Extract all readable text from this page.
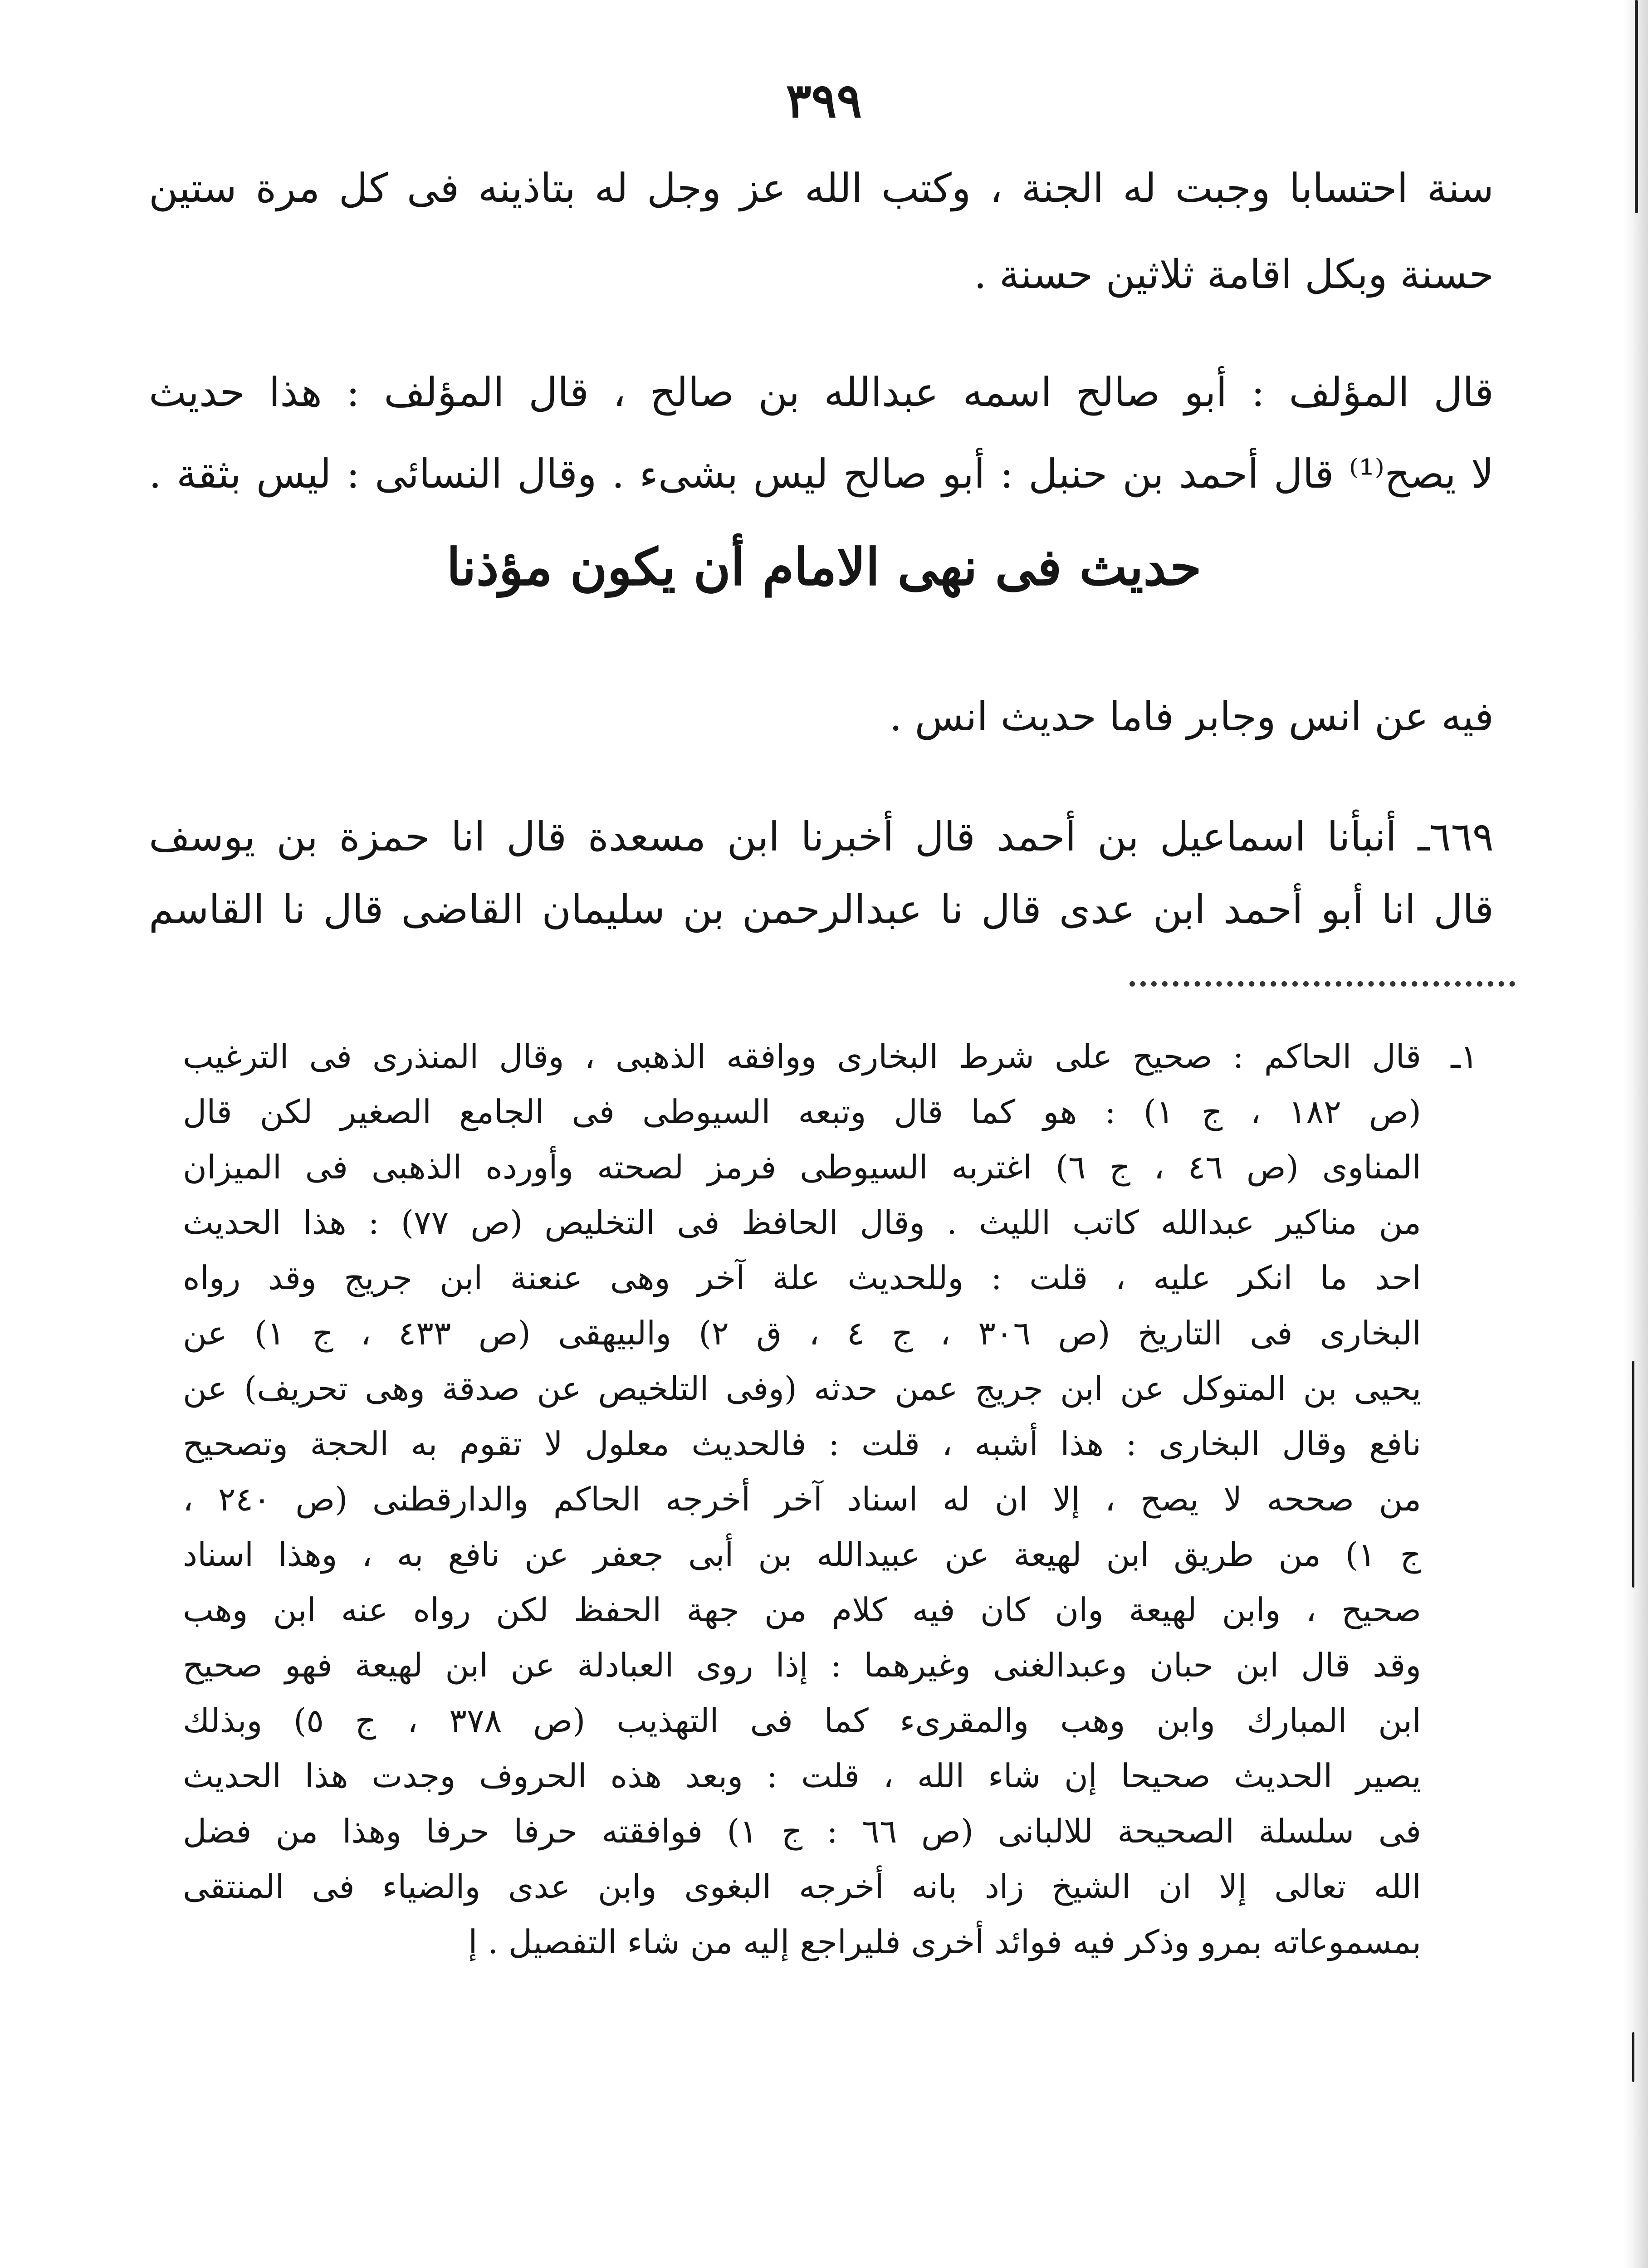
٣٩٩

سنة احتسابا وجبت له الجنة ، وكتب الله عز وجل له بتاذينه فى كل مرة ستين

حسنة وبكل اقامة ثلاثين حسنة .

قال المؤلف : أبو صالح اسمه عبدالله بن صالح ، قال المؤلف : هذا حديث

لا يصح⁽¹⁾ قال أحمد بن حنبل : أبو صالح ليس بشىء . وقال النسائى : ليس بثقة .

حديث فى نهى الامام أن يكون مؤذنا

فيه عن انس وجابر فاما حديث انس .

٦٦٩ـ أنبأنا اسماعيل بن أحمد قال أخبرنا ابن مسعدة قال انا حمزة بن يوسف

قال انا أبو أحمد ابن عدى قال نا عبدالرحمن بن سليمان القاضى قال نا القاسم

١ـ

قال الحاكم : صحيح على شرط البخارى ووافقه الذهبى ، وقال المنذرى فى الترغيب

(ص ١٨٢ ، ج ١) : هو كما قال وتبعه السيوطى فى الجامع الصغير لكن قال

المناوى (ص ٤٦ ، ج ٦) اغتربه السيوطى فرمز لصحته وأورده الذهبى فى الميزان

من مناكير عبدالله كاتب الليث . وقال الحافظ فى التخليص (ص ٧٧) : هذا الحديث

احد ما انكر عليه ، قلت : وللحديث علة آخر وهى عنعنة ابن جريج وقد رواه

البخارى فى التاريخ (ص ٣٠٦ ، ج ٤ ، ق ٢) والبيهقى (ص ٤٣٣ ، ج ١) عن

يحيى بن المتوكل عن ابن جريج عمن حدثه (وفى التلخيص عن صدقة وهى تحريف) عن

نافع وقال البخارى : هذا أشبه ، قلت : فالحديث معلول لا تقوم به الحجة وتصحيح

من صححه لا يصح ، إلا ان له اسناد آخر أخرجه الحاكم والدارقطنى (ص ٢٤٠ ،

ج ١) من طريق ابن لهيعة عن عبيدالله بن أبى جعفر عن نافع به ، وهذا اسناد

صحيح ، وابن لهيعة وان كان فيه كلام من جهة الحفظ لكن رواه عنه ابن وهب

وقد قال ابن حبان وعبدالغنى وغيرهما : إذا روى العبادلة عن ابن لهيعة فهو صحيح

ابن المبارك وابن وهب والمقرىء كما فى التهذيب (ص ٣٧٨ ، ج ٥) وبذلك

يصير الحديث صحيحا إن شاء الله ، قلت : وبعد هذه الحروف وجدت هذا الحديث

فى سلسلة الصحيحة للالبانى (ص ٦٦ : ج ١) فوافقته حرفا حرفا وهذا من فضل

الله تعالى إلا ان الشيخ زاد بانه أخرجه البغوى وابن عدى والضياء فى المنتقى

بمسموعاته بمرو وذكر فيه فوائد أخرى فليراجع إليه من شاء التفصيل . إ
